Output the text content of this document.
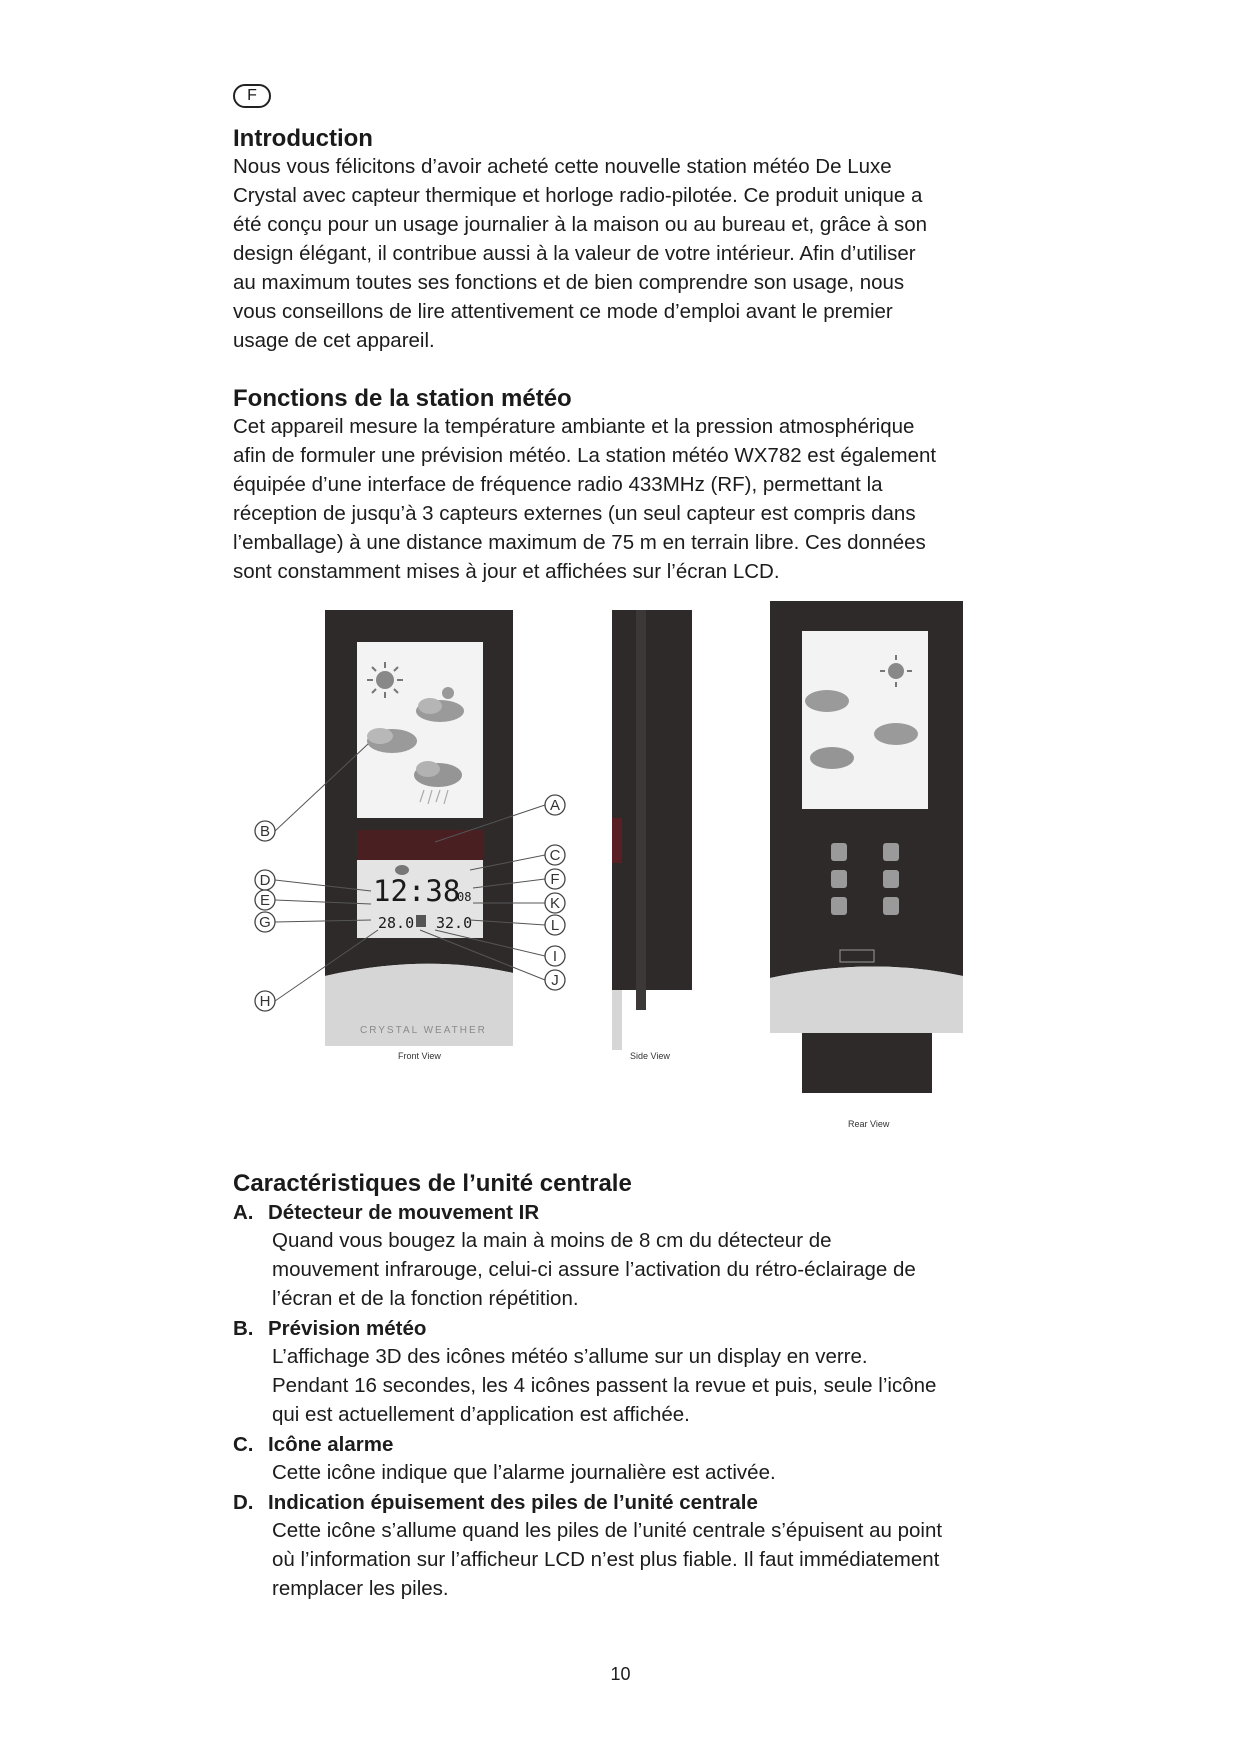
F
Introduction

Nous vous félicitons d’avoir acheté cette nouvelle station météo De Luxe
Crystal avec capteur thermique et horloge radio-pilotée. Ce produit unique a
été conçu pour un usage journalier à la maison ou au bureau et, grâce à son
design élégant, il contribue aussi à la valeur de votre intérieur. Afin d’utiliser
au maximum toutes ses fonctions et de bien comprendre son usage, nous
vous conseillons de lire attentivement ce mode d’emploi avant le premier
usage de cet appareil.

Fonctions de la station météo

Cet appareil mesure la température ambiante et la pression atmosphérique
afin de formuler une prévision météo. La station météo WX782 est également
équipée d’une interface de fréquence radio 433MHz (RF), permettant la
réception de jusqu’à 3 capteurs externes (un seul capteur est compris dans
l’emballage) à une distance maximum de 75 m en terrain libre. Ces données
sont constamment mises à jour et affichées sur l’écran LCD.

CRYSTAL WEATHER
12:38
08
28.0 32.0
Front View	Side View
Rear View
A
B
C
D
E
F
G
H
I
J
K
L
Caractéristiques de l’unité centrale

A. Détecteur de mouvement IR

Quand vous bougez la main à moins de 8 cm du détecteur de
mouvement infrarouge, celui-ci assure l’activation du rétro-éclairage de
l’écran et de la fonction répétition.

B. Prévision météo

L’affichage 3D des icônes météo s’allume sur un display en verre.
Pendant 16 secondes, les 4 icônes passent la revue et puis, seule l’icône
qui est actuellement d’application est affichée.

C. Icône alarme

Cette icône indique que l’alarme journalière est activée.

D. Indication épuisement des piles de l’unité centrale

Cette icône s’allume quand les piles de l’unité centrale s’épuisent au point
où l’information sur l’afficheur LCD n’est plus fiable. Il faut immédiatement
remplacer les piles.

10
